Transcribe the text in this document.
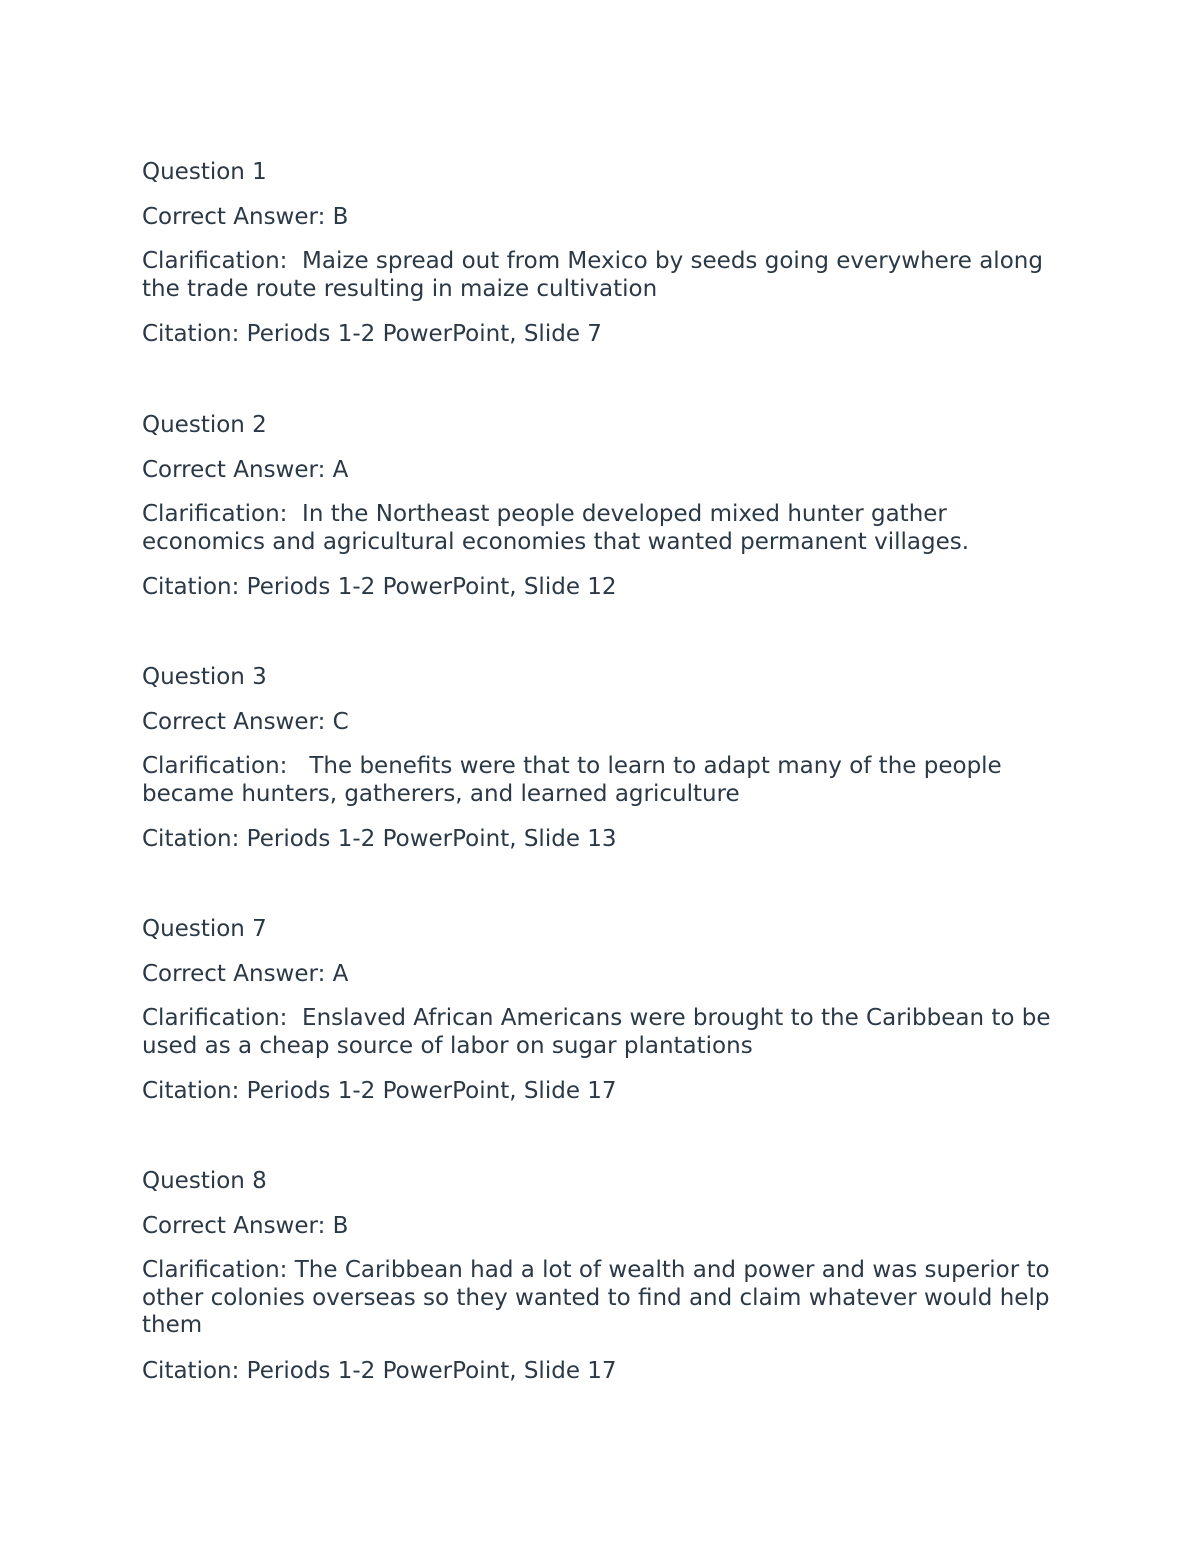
Question 1

Correct Answer: B

Clarification:  Maize spread out from Mexico by seeds going everywhere along the trade route resulting in maize cultivation

Citation: Periods 1-2 PowerPoint, Slide 7

Question 2

Correct Answer: A

Clarification:  In the Northeast people developed mixed hunter gather economics and agricultural economies that wanted permanent villages.

Citation: Periods 1-2 PowerPoint, Slide 12

Question 3

Correct Answer: C

Clarification:   The benefits were that to learn to adapt many of the people became hunters, gatherers, and learned agriculture

Citation: Periods 1-2 PowerPoint, Slide 13

Question 7

Correct Answer: A

Clarification:  Enslaved African Americans were brought to the Caribbean to be used as a cheap source of labor on sugar plantations

Citation: Periods 1-2 PowerPoint, Slide 17

Question 8

Correct Answer: B

Clarification: The Caribbean had a lot of wealth and power and was superior to other colonies overseas so they wanted to find and claim whatever would help them

Citation: Periods 1-2 PowerPoint, Slide 17
